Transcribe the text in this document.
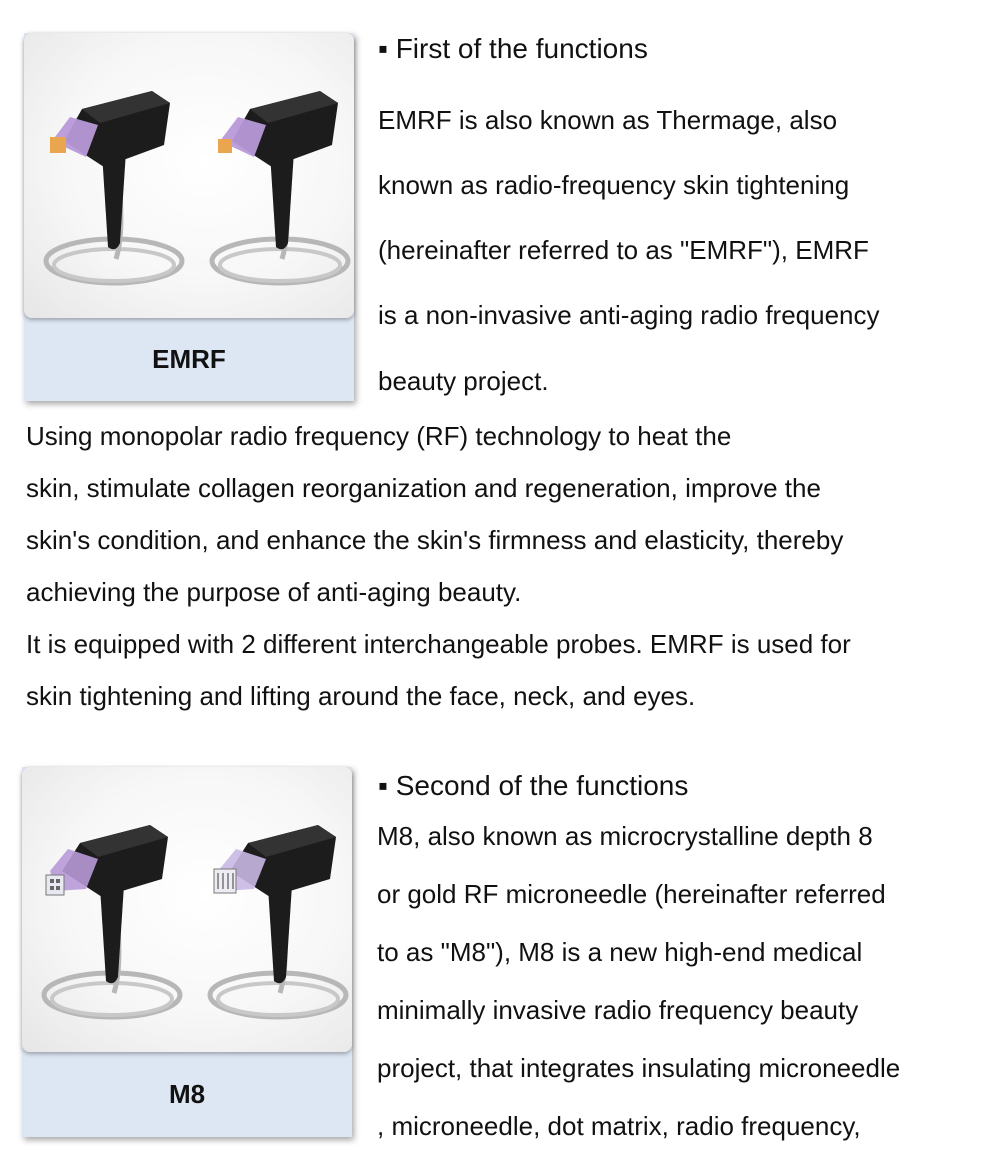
EMRF
▪ First of the functions
EMRF is also known as Thermage, also
known as radio-frequency skin tightening
(hereinafter referred to as "EMRF"), EMRF
is a non-invasive anti-aging radio frequency
beauty project.
Using monopolar radio frequency (RF) technology to heat the
skin, stimulate collagen reorganization and regeneration, improve the
skin's condition, and enhance the skin's firmness and elasticity, thereby
achieving the purpose of anti-aging beauty.
It is equipped with 2 different interchangeable probes. EMRF is used for
skin tightening and lifting around the face, neck, and eyes.
M8
▪ Second of the functions
M8, also known as microcrystalline depth 8
or gold RF microneedle (hereinafter referred
to as "M8"), M8 is a new high-end medical
minimally invasive radio frequency beauty
project, that integrates insulating microneedle
, microneedle, dot matrix, radio frequency,
